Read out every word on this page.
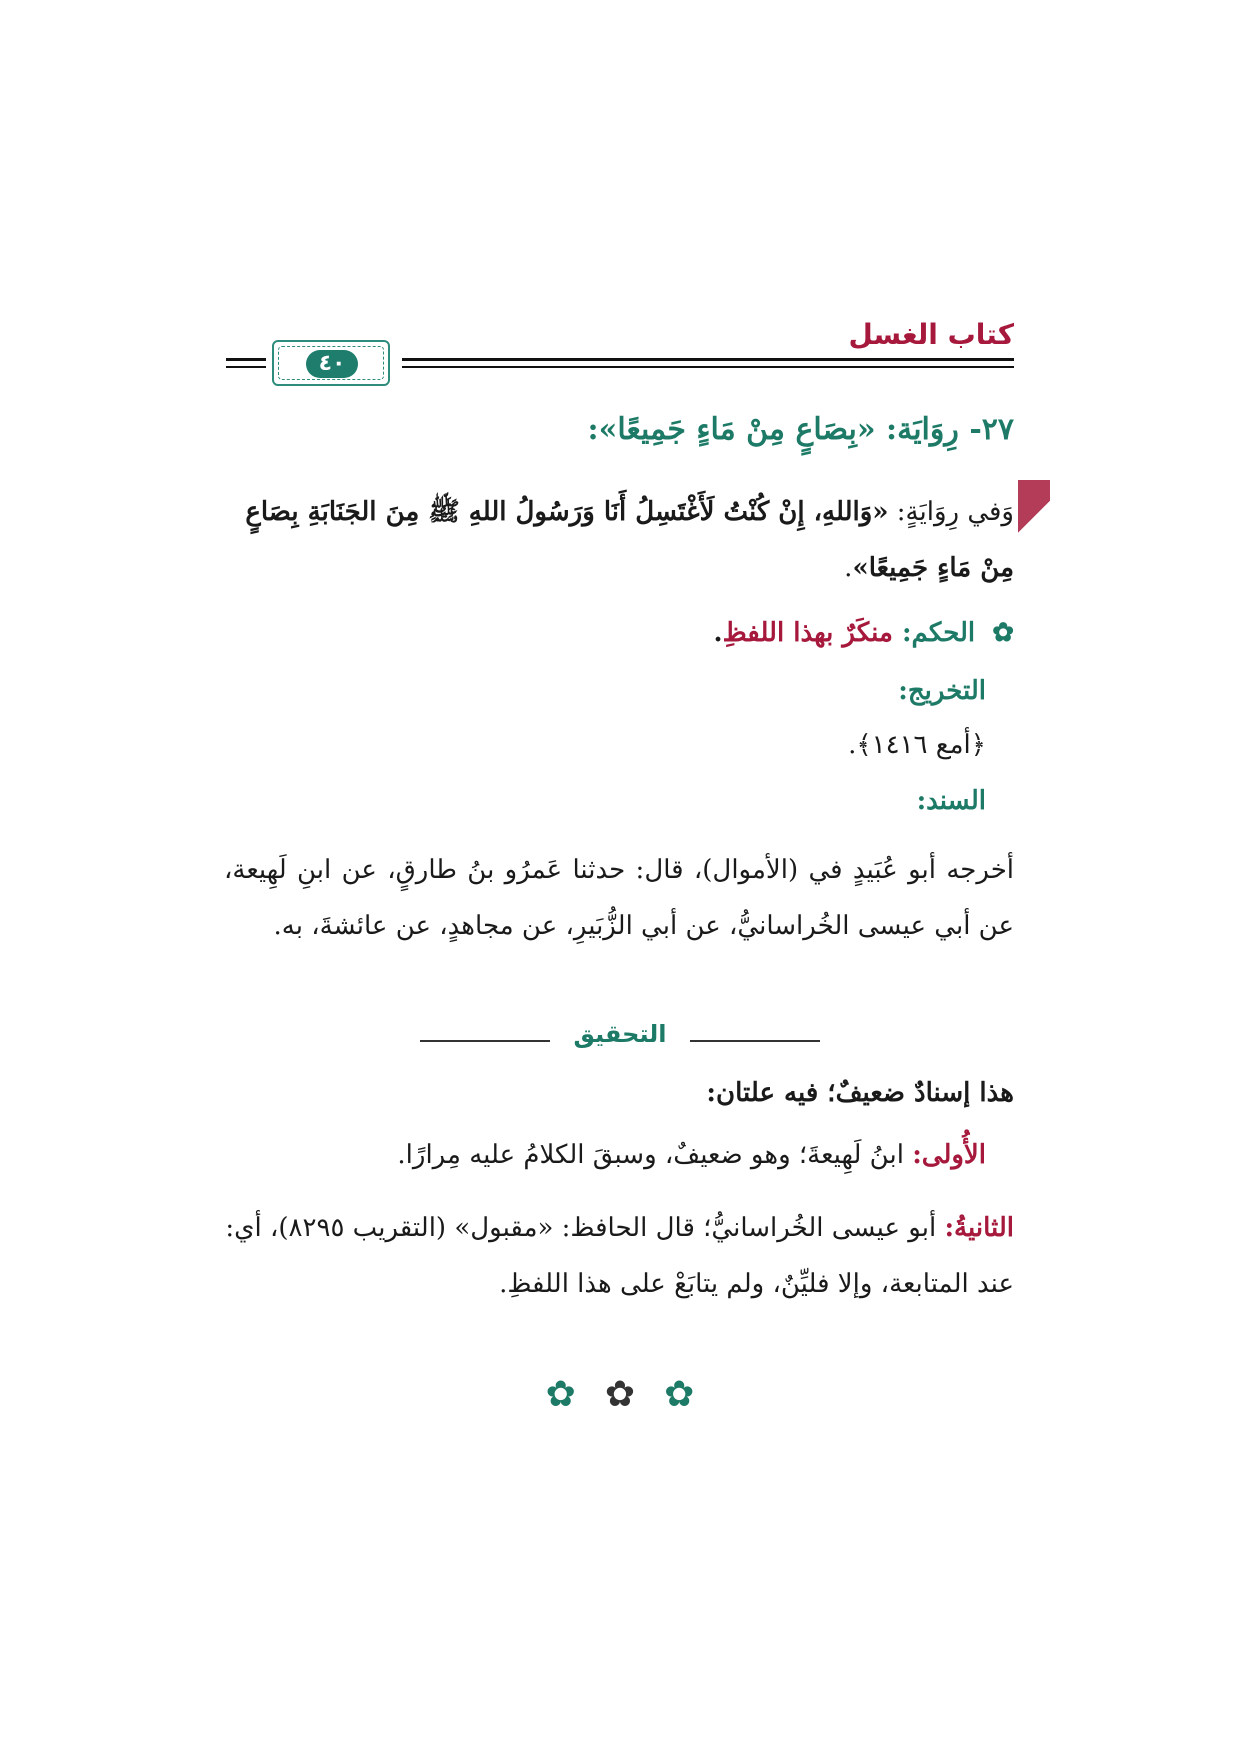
كتاب الغسل
٤٠
٢٧- رِوَايَة: «بِصَاعٍ مِنْ مَاءٍ جَمِيعًا»:
وَفي رِوَايَةٍ: «وَاللهِ، إِنْ كُنْتُ لَأَغْتَسِلُ أَنَا وَرَسُولُ اللهِ ﷺ مِنَ الجَنَابَةِ بِصَاعٍ مِنْ مَاءٍ جَمِيعًا».
✿ الحكم: منكَرٌ بهذا اللفظِ.
التخريج:
﴿أمع ١٤١٦﴾.
السند:
أخرجه أبو عُبَيدٍ في (الأموال)، قال: حدثنا عَمرُو بنُ طارقٍ، عن ابنِ لَهِيعة، عن أبي عيسى الخُراسانيُّ، عن أبي الزُّبَيرِ، عن مجاهدٍ، عن عائشةَ، به.
التحقيق
هذا إسنادٌ ضعيفٌ؛ فيه علتان:
الأُولى: ابنُ لَهِيعةَ؛ وهو ضعيفٌ، وسبقَ الكلامُ عليه مِرارًا.
الثانيةُ: أبو عيسى الخُراسانيُّ؛ قال الحافظ: «مقبول» (التقريب ٨٢٩٥)، أي: عند المتابعة، وإلا فليِّنٌ، ولم يتابَعْ على هذا اللفظِ.
✿ ✿ ✿
